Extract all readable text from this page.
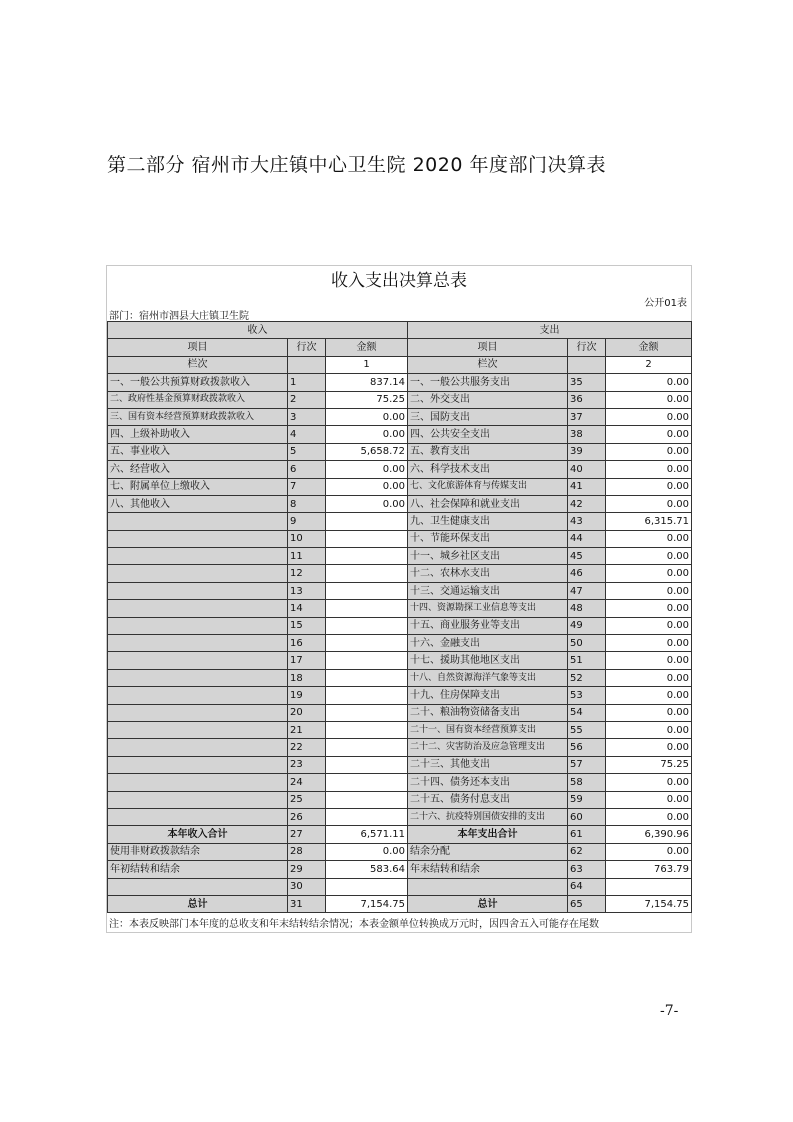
第二部分 宿州市大庄镇中心卫生院 2020 年度部门决算表
收入支出决算总表
公开01表
部门：宿州市泗县大庄镇卫生院
收入			支出		
项目	行次	金额	项目	行次	金额
栏次		1	栏次		2
一、一般公共预算财政拨款收入	1	837.14	一、一般公共服务支出	35	0.00
二、政府性基金预算财政拨款收入	2	75.25	二、外交支出	36	0.00
三、国有资本经营预算财政拨款收入	3	0.00	三、国防支出	37	0.00
四、上级补助收入	4	0.00	四、公共安全支出	38	0.00
五、事业收入	5	5,658.72	五、教育支出	39	0.00
六、经营收入	6	0.00	六、科学技术支出	40	0.00
七、附属单位上缴收入	7	0.00	七、文化旅游体育与传媒支出	41	0.00
八、其他收入	8	0.00	八、社会保障和就业支出	42	0.00
	9		九、卫生健康支出	43	6,315.71
	10		十、节能环保支出	44	0.00
	11		十一、城乡社区支出	45	0.00
	12		十二、农林水支出	46	0.00
	13		十三、交通运输支出	47	0.00
	14		十四、资源勘探工业信息等支出	48	0.00
	15		十五、商业服务业等支出	49	0.00
	16		十六、金融支出	50	0.00
	17		十七、援助其他地区支出	51	0.00
	18		十八、自然资源海洋气象等支出	52	0.00
	19		十九、住房保障支出	53	0.00
	20		二十、粮油物资储备支出	54	0.00
	21		二十一、国有资本经营预算支出	55	0.00
	22		二十二、灾害防治及应急管理支出	56	0.00
	23		二十三、其他支出	57	75.25
	24		二十四、债务还本支出	58	0.00
	25		二十五、债务付息支出	59	0.00
	26		二十六、抗疫特别国债安排的支出	60	0.00
本年收入合计	27	6,571.11	本年支出合计	61	6,390.96
使用非财政拨款结余	28	0.00	结余分配	62	0.00
年初结转和结余	29	583.64	年末结转和结余	63	763.79
	30			64	
总计	31	7,154.75	总计	65	7,154.75
注：本表反映部门本年度的总收支和年末结转结余情况；本表金额单位转换成万元时，因四舍五入可能存在尾数
-7-
